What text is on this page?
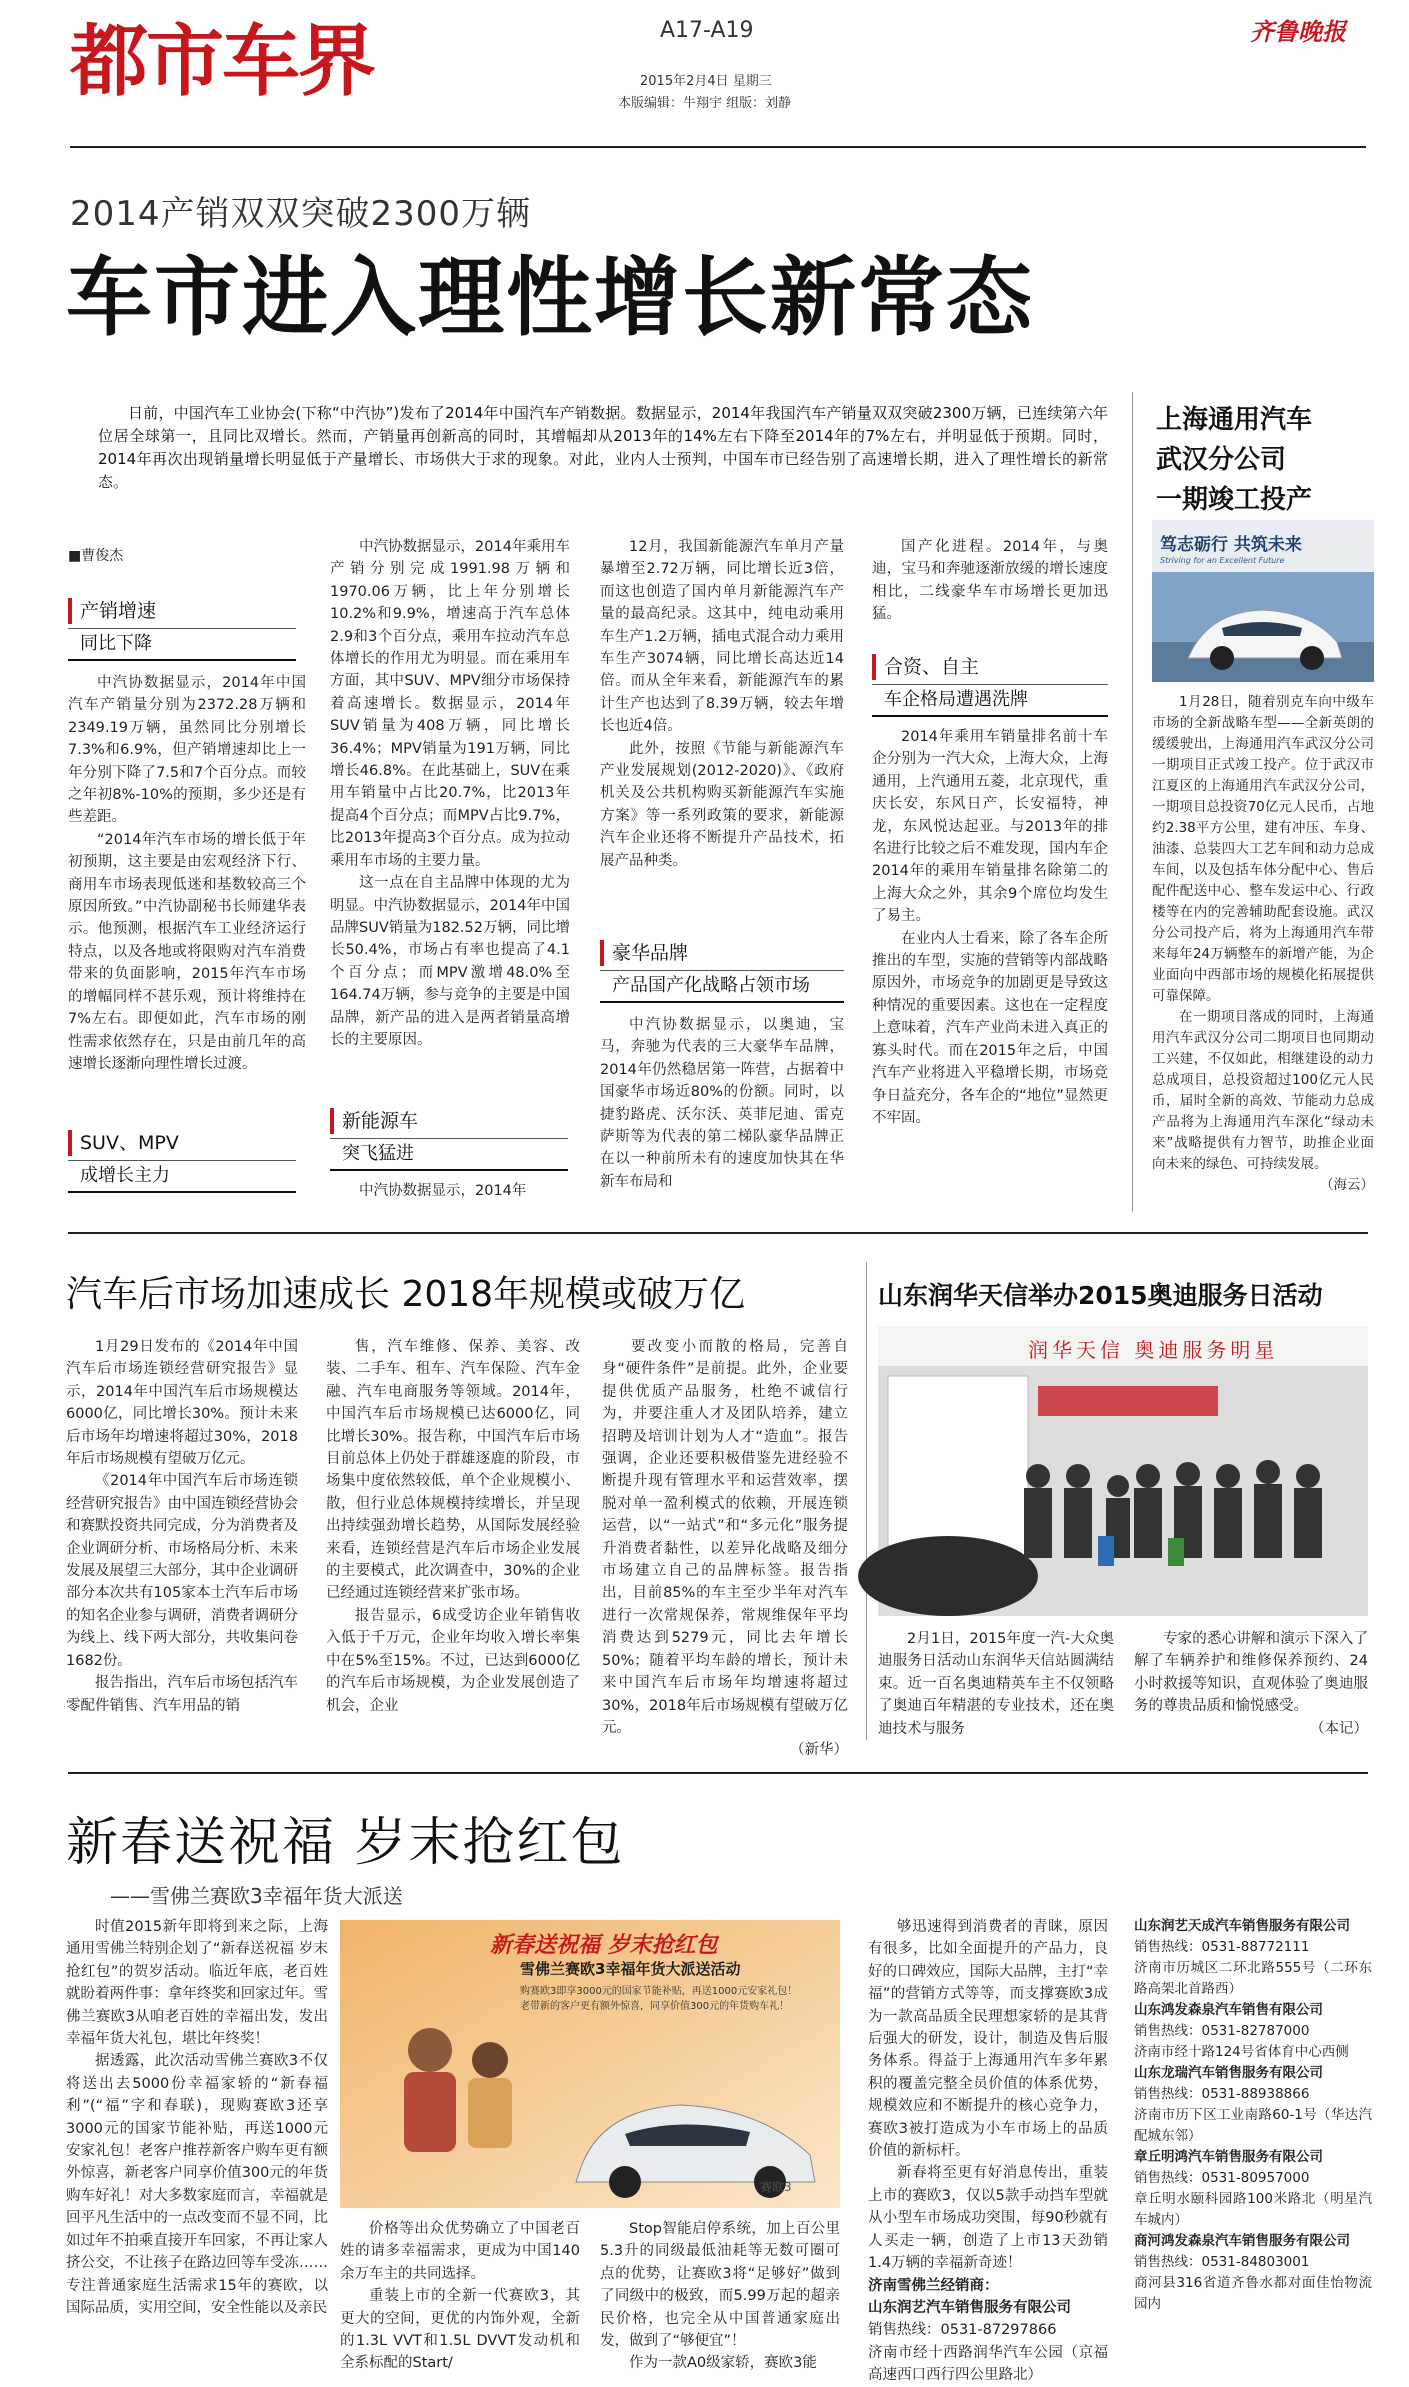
都市车界	A17-A19
2015年2月4日 星期三
本版编辑：牛翔宇 组版：刘静
齐鲁晚报
2014产销双双突破2300万辆
车市进入理性增长新常态

日前，中国汽车工业协会(下称“中汽协”)发布了2014年中国汽车产销数据。数据显示，2014年我国汽车产销量双双突破2300万辆，已连续第六年位居全球第一，且同比双增长。然而，产销量再创新高的同时，其增幅却从2013年的14%左右下降至2014年的7%左右，并明显低于预期。同时，2014年再次出现销量增长明显低于产量增长、市场供大于求的现象。对此，业内人士预判，中国车市已经告别了高速增长期，进入了理性增长的新常态。

■曹俊杰
产销增速
同比下降

中汽协数据显示，2014年中国汽车产销量分别为2372.28万辆和2349.19万辆，虽然同比分别增长7.3%和6.9%，但产销增速却比上一年分别下降了7.5和7个百分点。而较之年初8%-10%的预期，多少还是有些差距。

“2014年汽车市场的增长低于年初预期，这主要是由宏观经济下行、商用车市场表现低迷和基数较高三个原因所致。”中汽协副秘书长师建华表示。他预测，根据汽车工业经济运行特点，以及各地或将限购对汽车消费带来的负面影响，2015年汽车市场的增幅同样不甚乐观，预计将维持在7%左右。即便如此，汽车市场的刚性需求依然存在，只是由前几年的高速增长逐渐向理性增长过渡。

SUV、MPV
成增长主力

中汽协数据显示，2014年乘用车产销分别完成1991.98万辆和1970.06万辆，比上年分别增长10.2%和9.9%，增速高于汽车总体2.9和3个百分点，乘用车拉动汽车总体增长的作用尤为明显。而在乘用车方面，其中SUV、MPV细分市场保持着高速增长。数据显示，2014年SUV销量为408万辆，同比增长36.4%；MPV销量为191万辆，同比增长46.8%。在此基础上，SUV在乘用车销量中占比20.7%，比2013年提高4个百分点；而MPV占比9.7%，比2013年提高3个百分点。成为拉动乘用车市场的主要力量。

这一点在自主品牌中体现的尤为明显。中汽协数据显示，2014年中国品牌SUV销量为182.52万辆，同比增长50.4%，市场占有率也提高了4.1个百分点；而MPV激增48.0%至164.74万辆，参与竞争的主要是中国品牌，新产品的进入是两者销量高增长的主要原因。

新能源车
突飞猛进

中汽协数据显示，2014年

12月，我国新能源汽车单月产量暴增至2.72万辆，同比增长近3倍，而这也创造了国内单月新能源汽车产量的最高纪录。这其中，纯电动乘用车生产1.2万辆，插电式混合动力乘用车生产3074辆，同比增长高达近14倍。而从全年来看，新能源汽车的累计生产也达到了8.39万辆，较去年增长也近4倍。

此外，按照《节能与新能源汽车产业发展规划(2012-2020)》、《政府机关及公共机构购买新能源汽车实施方案》等一系列政策的要求，新能源汽车企业还将不断提升产品技术，拓展产品种类。

豪华品牌
产品国产化战略占领市场

中汽协数据显示，以奥迪，宝马，奔驰为代表的三大豪华车品牌，2014年仍然稳居第一阵营，占据着中国豪华市场近80%的份额。同时，以捷豹路虎、沃尔沃、英菲尼迪、雷克萨斯等为代表的第二梯队豪华品牌正在以一种前所未有的速度加快其在华新车布局和

国产化进程。2014年，与奥迪，宝马和奔驰逐渐放缓的增长速度相比，二线豪华车市场增长更加迅猛。

合资、自主
车企格局遭遇洗牌

2014年乘用车销量排名前十车企分别为一汽大众，上海大众，上海通用，上汽通用五菱，北京现代，重庆长安，东风日产，长安福特，神龙，东风悦达起亚。与2013年的排名进行比较之后不难发现，国内车企2014年的乘用车销量排名除第二的上海大众之外，其余9个席位均发生了易主。

在业内人士看来，除了各车企所推出的车型，实施的营销等内部战略原因外，市场竞争的加剧更是导致这种情况的重要因素。这也在一定程度上意味着，汽车产业尚未进入真正的寡头时代。而在2015年之后，中国汽车产业将进入平稳增长期，市场竞争日益充分，各车企的“地位”显然更不牢固。

上海通用汽车
武汉分公司
一期竣工投产
笃志砺行 共筑未来
Striving for an Excellent Future

1月28日，随着别克车向中级车市场的全新战略车型——全新英朗的缓缓驶出，上海通用汽车武汉分公司一期项目正式竣工投产。位于武汉市江夏区的上海通用汽车武汉分公司，一期项目总投资70亿元人民币，占地约2.38平方公里，建有冲压、车身、油漆、总装四大工艺车间和动力总成车间，以及包括车体分配中心、售后配件配送中心、整车发运中心、行政楼等在内的完善辅助配套设施。武汉分公司投产后，将为上海通用汽车带来每年24万辆整车的新增产能，为企业面向中西部市场的规模化拓展提供可靠保障。

在一期项目落成的同时，上海通用汽车武汉分公司二期项目也同期动工兴建，不仅如此，相继建设的动力总成项目，总投资超过100亿元人民币，届时全新的高效、节能动力总成产品将为上海通用汽车深化“绿动未来”战略提供有力智节，助推企业面向未来的绿色、可持续发展。

（海云）
汽车后市场加速成长 2018年规模或破万亿

1月29日发布的《2014年中国汽车后市场连锁经营研究报告》显示，2014年中国汽车后市场规模达6000亿，同比增长30%。预计未来后市场年均增速将超过30%，2018年后市场规模有望破万亿元。

《2014年中国汽车后市场连锁经营研究报告》由中国连锁经营协会和赛默投资共同完成，分为消费者及企业调研分析、市场格局分析、未来发展及展望三大部分，其中企业调研部分本次共有105家本土汽车后市场的知名企业参与调研，消费者调研分为线上、线下两大部分，共收集问卷1682份。

报告指出，汽车后市场包括汽车零配件销售、汽车用品的销

售，汽车维修、保养、美容、改装、二手车、租车、汽车保险、汽车金融、汽车电商服务等领域。2014年，中国汽车后市场规模已达6000亿，同比增长30%。报告称，中国汽车后市场目前总体上仍处于群雄逐鹿的阶段，市场集中度依然较低，单个企业规模小、散，但行业总体规模持续增长，并呈现出持续强劲增长趋势，从国际发展经验来看，连锁经营是汽车后市场企业发展的主要模式，此次调查中，30%的企业已经通过连锁经营来扩张市场。

报告显示，6成受访企业年销售收入低于千万元，企业年均收入增长率集中在5%至15%。不过，已达到6000亿的汽车后市场规模，为企业发展创造了机会，企业

要改变小而散的格局，完善自身“硬件条件”是前提。此外，企业要提供优质产品服务，杜绝不诚信行为，并要注重人才及团队培养，建立招聘及培训计划为人才“造血”。报告强调，企业还要积极借鉴先进经验不断提升现有管理水平和运营效率，摆脱对单一盈利模式的依赖，开展连锁运营，以“一站式”和“多元化”服务提升消费者黏性，以差异化战略及细分市场建立自己的品牌标签。报告指出，目前85%的车主至少半年对汽车进行一次常规保养，常规维保年平均消费达到5279元，同比去年增长50%；随着平均车龄的增长，预计未来中国汽车后市场年均增速将超过30%，2018年后市场规模有望破万亿元。

（新华）
山东润华天信举办2015奥迪服务日活动
润华天信 奥迪服务明星

2月1日，2015年度一汽-大众奥迪服务日活动山东润华天信站圆满结束。近一百名奥迪精英车主不仅领略了奥迪百年精湛的专业技术，还在奥迪技术与服务

专家的悉心讲解和演示下深入了解了车辆养护和维修保养预约、24小时救援等知识，直观体验了奥迪服务的尊贵品质和愉悦感受。

（本记）
新春送祝福 岁末抢红包
——雪佛兰赛欧3幸福年货大派送

时值2015新年即将到来之际，上海通用雪佛兰特别企划了“新春送祝福 岁末抢红包”的贺岁活动。临近年底，老百姓就盼着两件事：拿年终奖和回家过年。雪佛兰赛欧3从咱老百姓的幸福出发，发出幸福年货大礼包，堪比年终奖！

据透露，此次活动雪佛兰赛欧3不仅将送出去5000份幸福家轿的“新春福利”(“福”字和春联)，现购赛欧3还享3000元的国家节能补贴，再送1000元安家礼包！老客户推荐新客户购车更有额外惊喜，新老客户同享价值300元的年货购车好礼！对大多数家庭而言，幸福就是回平凡生活中的一点改变而不显不同，比如过年不拍乘直接开车回家，不再让家人挤公交，不让孩子在路边回等车受冻……专注普通家庭生活需求15年的赛欧，以国际品质，实用空间，安全性能以及亲民

新春送祝福 岁末抢红包
雪佛兰赛欧3幸福年货大派送活动
购赛欧3即享3000元的国家节能补贴，再送1000元安家礼包！
老带新的客户更有额外惊喜，同享价值300元的年货购车礼！
赛欧3

价格等出众优势确立了中国老百姓的请多幸福需求，更成为中国140余万车主的共同选择。

重装上市的全新一代赛欧3，其更大的空间，更优的内饰外观，全新的1.3L VVT和1.5L DVVT发动机和全系标配的Start/

Stop智能启停系统，加上百公里5.3升的同级最低油耗等无数可圈可点的优势，让赛欧3将“足够好”做到了同级中的极致，而5.99万起的超亲民价格，也完全从中国普通家庭出发，做到了“够便宜”！

作为一款A0级家轿，赛欧3能

够迅速得到消费者的青睐，原因有很多，比如全面提升的产品力，良好的口碑效应，国际大品牌，主打“幸福”的营销方式等等，而支撑赛欧3成为一款高品质全民理想家轿的是其背后强大的研发，设计，制造及售后服务体系。得益于上海通用汽车多年累积的覆盖完整全员价值的体系优势，规模效应和不断提升的核心竞争力，赛欧3被打造成为小车市场上的品质价值的新标杆。

新春将至更有好消息传出，重装上市的赛欧3，仅以5款手动挡车型就从小型车市场成功突围，每90秒就有人买走一辆，创造了上市13天劲销1.4万辆的幸福新奇迹！

济南雪佛兰经销商：
山东润艺汽车销售服务有限公司
销售热线：0531-87297866
济南市经十西路润华汽车公园（京福高速西口西行四公里路北）
山东润艺天成汽车销售服务有限公司
销售热线：0531-88772111
济南市历城区二环北路555号（二环东路高架北首路西）
山东鸿发森泉汽车销售有限公司
销售热线：0531-82787000
济南市经十路124号省体育中心西侧
山东龙瑞汽车销售服务有限公司
销售热线：0531-88938866
济南市历下区工业南路60-1号（华达汽配城东邻）
章丘明鸿汽车销售服务有限公司
销售热线：0531-80957000
章丘明水颐科园路100米路北（明星汽车城内）
商河鸿发森泉汽车销售服务有限公司
销售热线：0531-84803001
商河县316省道齐鲁水都对面佳怡物流园内
